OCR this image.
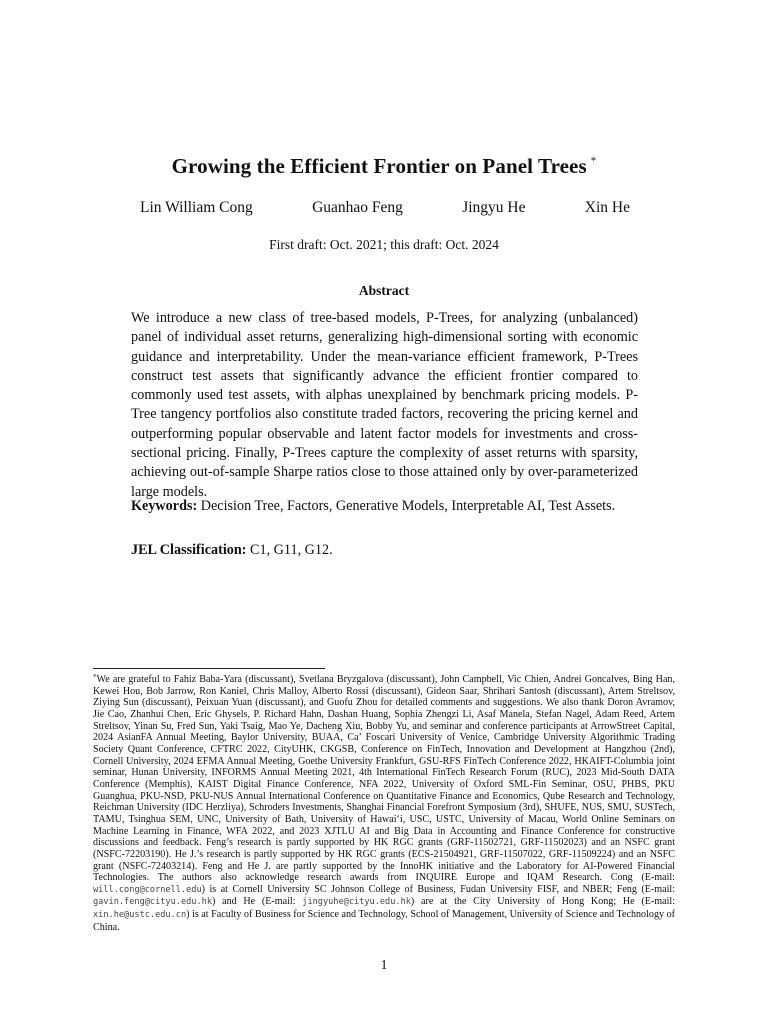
Growing the Efficient Frontier on Panel Trees *
Lin William Cong	Guanhao Feng	Jingyu He	Xin He
First draft: Oct. 2021; this draft: Oct. 2024
Abstract
We introduce a new class of tree-based models, P-Trees, for analyzing (unbalanced) panel of individual asset returns, generalizing high-dimensional sorting with economic guidance and interpretability. Under the mean-variance efficient framework, P-Trees construct test assets that significantly advance the efficient frontier compared to commonly used test assets, with alphas unexplained by benchmark pricing models. P-Tree tangency portfolios also constitute traded factors, recovering the pricing kernel and outperforming popular observable and latent factor models for investments and cross-sectional pricing. Finally, P-Trees capture the complexity of asset returns with sparsity, achieving out-of-sample Sharpe ratios close to those attained only by over-parameterized large models.
Keywords: Decision Tree, Factors, Generative Models, Interpretable AI, Test Assets.
JEL Classification: C1, G11, G12.
*We are grateful to Fahiz Baba-Yara (discussant), Svetlana Bryzgalova (discussant), John Campbell, Vic Chien, Andrei Goncalves, Bing Han, Kewei Hou, Bob Jarrow, Ron Kaniel, Chris Malloy, Alberto Rossi (discussant), Gideon Saar, Shrihari Santosh (discussant), Artem Streltsov, Ziying Sun (discussant), Peixuan Yuan (discussant), and Guofu Zhou for detailed comments and suggestions. We also thank Doron Avramov, Jie Cao, Zhanhui Chen, Eric Ghysels, P. Richard Hahn, Dashan Huang, Sophia Zhengzi Li, Asaf Manela, Stefan Nagel, Adam Reed, Artem Streltsov, Yinan Su, Fred Sun, Yaki Tsaig, Mao Ye, Dacheng Xiu, Bobby Yu, and seminar and conference participants at ArrowStreet Capital, 2024 AsianFA Annual Meeting, Baylor University, BUAA, Ca’ Foscari University of Venice, Cambridge University Algorithmic Trading Society Quant Conference, CFTRC 2022, CityUHK, CKGSB, Conference on FinTech, Innovation and Development at Hangzhou (2nd), Cornell University, 2024 EFMA Annual Meeting, Goethe University Frankfurt, GSU-RFS FinTech Conference 2022, HKAIFT-Columbia joint seminar, Hunan University, INFORMS Annual Meeting 2021, 4th International FinTech Research Forum (RUC), 2023 Mid-South DATA Conference (Memphis), KAIST Digital Finance Conference, NFA 2022, University of Oxford SML-Fin Seminar, OSU, PHBS, PKU Guanghua, PKU-NSD, PKU-NUS Annual International Conference on Quantitative Finance and Economics, Qube Research and Technology, Reichman University (IDC Herzliya), Schroders Investments, Shanghai Financial Forefront Symposium (3rd), SHUFE, NUS, SMU, SUSTech, TAMU, Tsinghua SEM, UNC, University of Bath, University of Hawai‘i, USC, USTC, University of Macau, World Online Seminars on Machine Learning in Finance, WFA 2022, and 2023 XJTLU AI and Big Data in Accounting and Finance Conference for constructive discussions and feedback. Feng’s research is partly supported by HK RGC grants (GRF-11502721, GRF-11502023) and an NSFC grant (NSFC-72203190). He J.’s research is partly supported by HK RGC grants (ECS-21504921, GRF-11507022, GRF-11509224) and an NSFC grant (NSFC-72403214). Feng and He J. are partly supported by the InnoHK initiative and the Laboratory for AI-Powered Financial Technologies. The authors also acknowledge research awards from INQUIRE Europe and IQAM Research. Cong (E-mail: will.cong@cornell.edu) is at Cornell University SC Johnson College of Business, Fudan University FISF, and NBER; Feng (E-mail: gavin.feng@cityu.edu.hk) and He (E-mail: jingyuhe@cityu.edu.hk) are at the City University of Hong Kong; He (E-mail: xin.he@ustc.edu.cn) is at Faculty of Business for Science and Technology, School of Management, University of Science and Technology of China.
1
